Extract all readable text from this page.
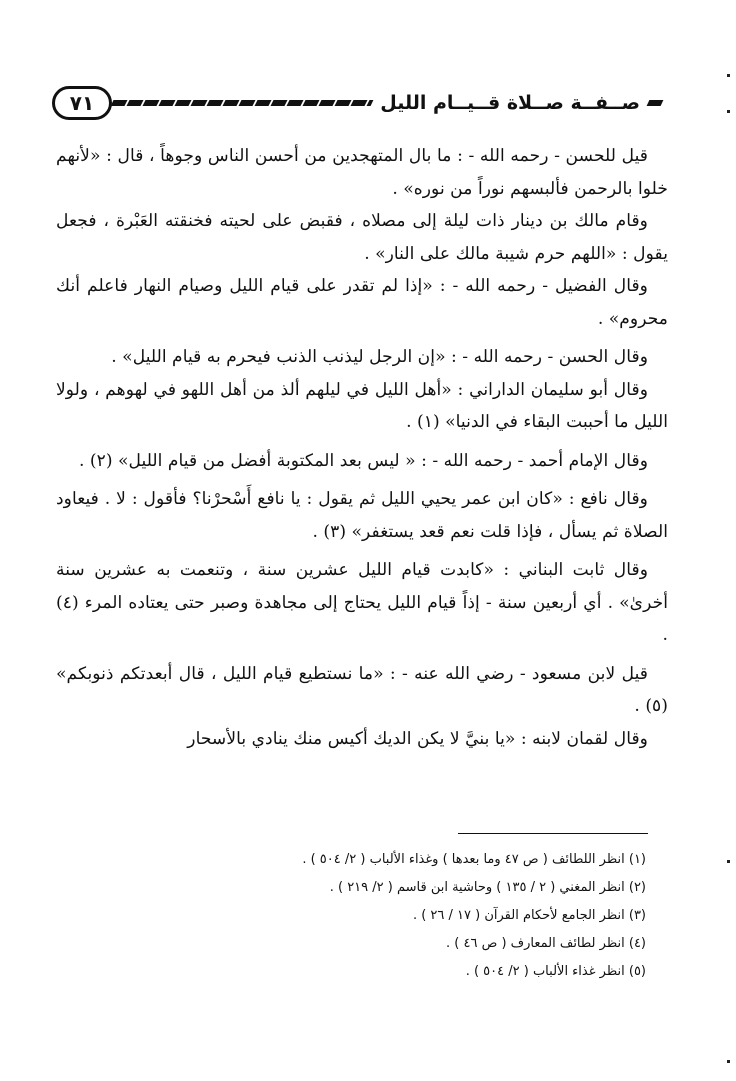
٧١	صــفــة صــلاة قــيــام الليل

قيل للحسن - رحمه الله - : ما بال المتهجدين من أحسن الناس وجوهاً ، قال : «لأنهم خلوا بالرحمن فألبسهم نوراً من نوره» .

وقام مالك بن دينار ذات ليلة إلى مصلاه ، فقبض على لحيته فخنقته العَبْرة ، فجعل يقول : «اللهم حرم شيبة مالك على النار» .

وقال الفضيل - رحمه الله - : «إذا لم تقدر على قيام الليل وصيام النهار فاعلم أنك محروم» .

وقال الحسن - رحمه الله - : «إن الرجل ليذنب الذنب فيحرم به قيام الليل» .

وقال أبو سليمان الداراني : «أهل الليل في ليلهم ألذ من أهل اللهو في لهوهم ، ولولا الليل ما أحببت البقاء في الدنيا» (١) .

وقال الإمام أحمد - رحمه الله - : « ليس بعد المكتوبة أفضل من قيام الليل» (٢) .

وقال نافع : «كان ابن عمر يحيي الليل ثم يقول : يا نافع أَسْحرْنا؟ فأقول : لا . فيعاود الصلاة ثم يسأل ، فإذا قلت نعم قعد يستغفر» (٣) .

وقال ثابت البناني : «كابدت قيام الليل عشرين سنة ، وتنعمت به عشرين سنة أخرىٰ» . أي أربعين سنة - إذاً قيام الليل يحتاج إلى مجاهدة وصبر حتى يعتاده المرء (٤) .

قيل لابن مسعود - رضي الله عنه - : «ما نستطيع قيام الليل ، قال أبعدتكم ذنوبكم» (٥) .

وقال لقمان لابنه : «يا بنيَّ لا يكن الديك أكيس منك ينادي بالأسحار

(١) انظر اللطائف ( ص ٤٧ وما بعدها ) وغذاء الألباب ( ٢/ ٥٠٤ ) .

(٢) انظر المغني ( ٢ / ١٣٥ ) وحاشية ابن قاسم ( ٢/ ٢١٩ ) .

(٣) انظر الجامع لأحكام القرآن ( ١٧ / ٢٦ ) .

(٤) انظر لطائف المعارف ( ص ٤٦ ) .

(٥) انظر غذاء الألباب ( ٢/ ٥٠٤ ) .
